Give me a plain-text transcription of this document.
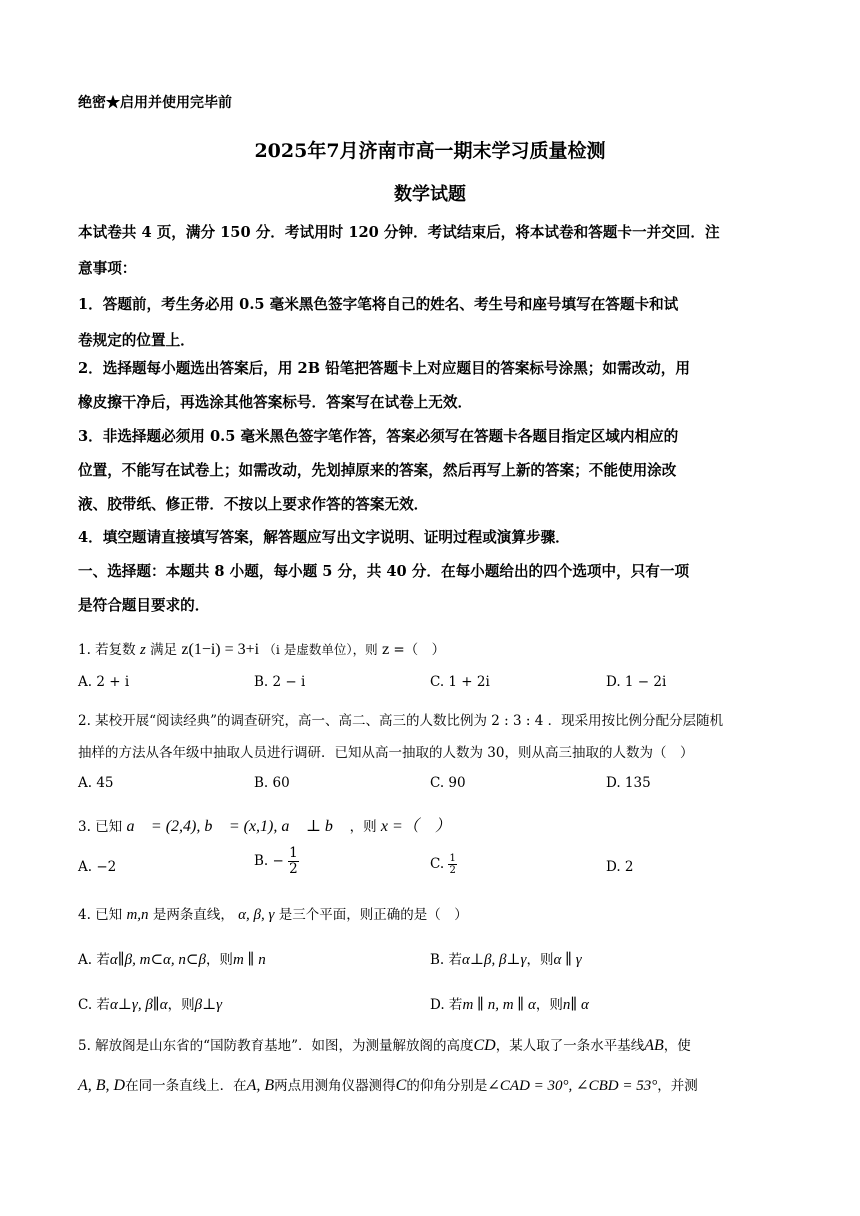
绝密★启用并使用完毕前
2025年7月济南市高一期末学习质量检测
数学试题
本试卷共 4 页，满分 150 分．考试用时 120 分钟．考试结束后，将本试卷和答题卡一并交回．注
意事项：
1．答题前，考生务必用 0.5 毫米黑色签字笔将自己的姓名、考生号和座号填写在答题卡和试
卷规定的位置上．
2．选择题每小题选出答案后，用 2B 铅笔把答题卡上对应题目的答案标号涂黑；如需改动，用
橡皮擦干净后，再选涂其他答案标号．答案写在试卷上无效．
3．非选择题必须用 0.5 毫米黑色签字笔作答，答案必须写在答题卡各题目指定区域内相应的
位置，不能写在试卷上；如需改动，先划掉原来的答案，然后再写上新的答案；不能使用涂改
液、胶带纸、修正带．不按以上要求作答的答案无效．
4．填空题请直接填写答案，解答题应写出文字说明、证明过程或演算步骤．
一、选择题：本题共 8 小题，每小题 5 分，共 40 分．在每小题给出的四个选项中，只有一项
是符合题目要求的．
1. 若复数 z 满足 z(1−i) = 3+i （i 是虚数单位），则 z =（　）
A. 2 + i	B. 2 − i	C. 1 + 2i	D. 1 − 2i
2. 某校开展“阅读经典”的调查研究，高一、高二、高三的人数比例为 2 : 3 : 4 ．现采用按比例分配分层随机
抽样的方法从各年级中抽取人员进行调研．已知从高一抽取的人数为 30，则从高三抽取的人数为（　）
A. 45	B. 60	C. 90	D. 135
3. 已知 a⃗ = (2,4), b⃗ = (x,1), a⃗ ⊥ b⃗ ，则 x =（　）
A. −2	B. − $\frac{1}{2}$	C. $\frac{1}{2}$	D. 2
4. 已知 m,n 是两条直线， α, β, γ 是三个平面，则正确的是（　）
A. 若α∥β, m⊂α, n⊂β，则m ∥ n	B. 若α⊥β, β⊥γ，则α ∥ γ
C. 若α⊥γ, β∥α，则β⊥γ	D. 若m ∥ n, m ∥ α，则n∥ α
5. 解放阁是山东省的“国防教育基地”．如图，为测量解放阁的高度CD，某人取了一条水平基线AB，使
A, B, D在同一条直线上．在A, B两点用测角仪器测得C的仰角分别是∠CAD = 30°, ∠CBD = 53°，并测
